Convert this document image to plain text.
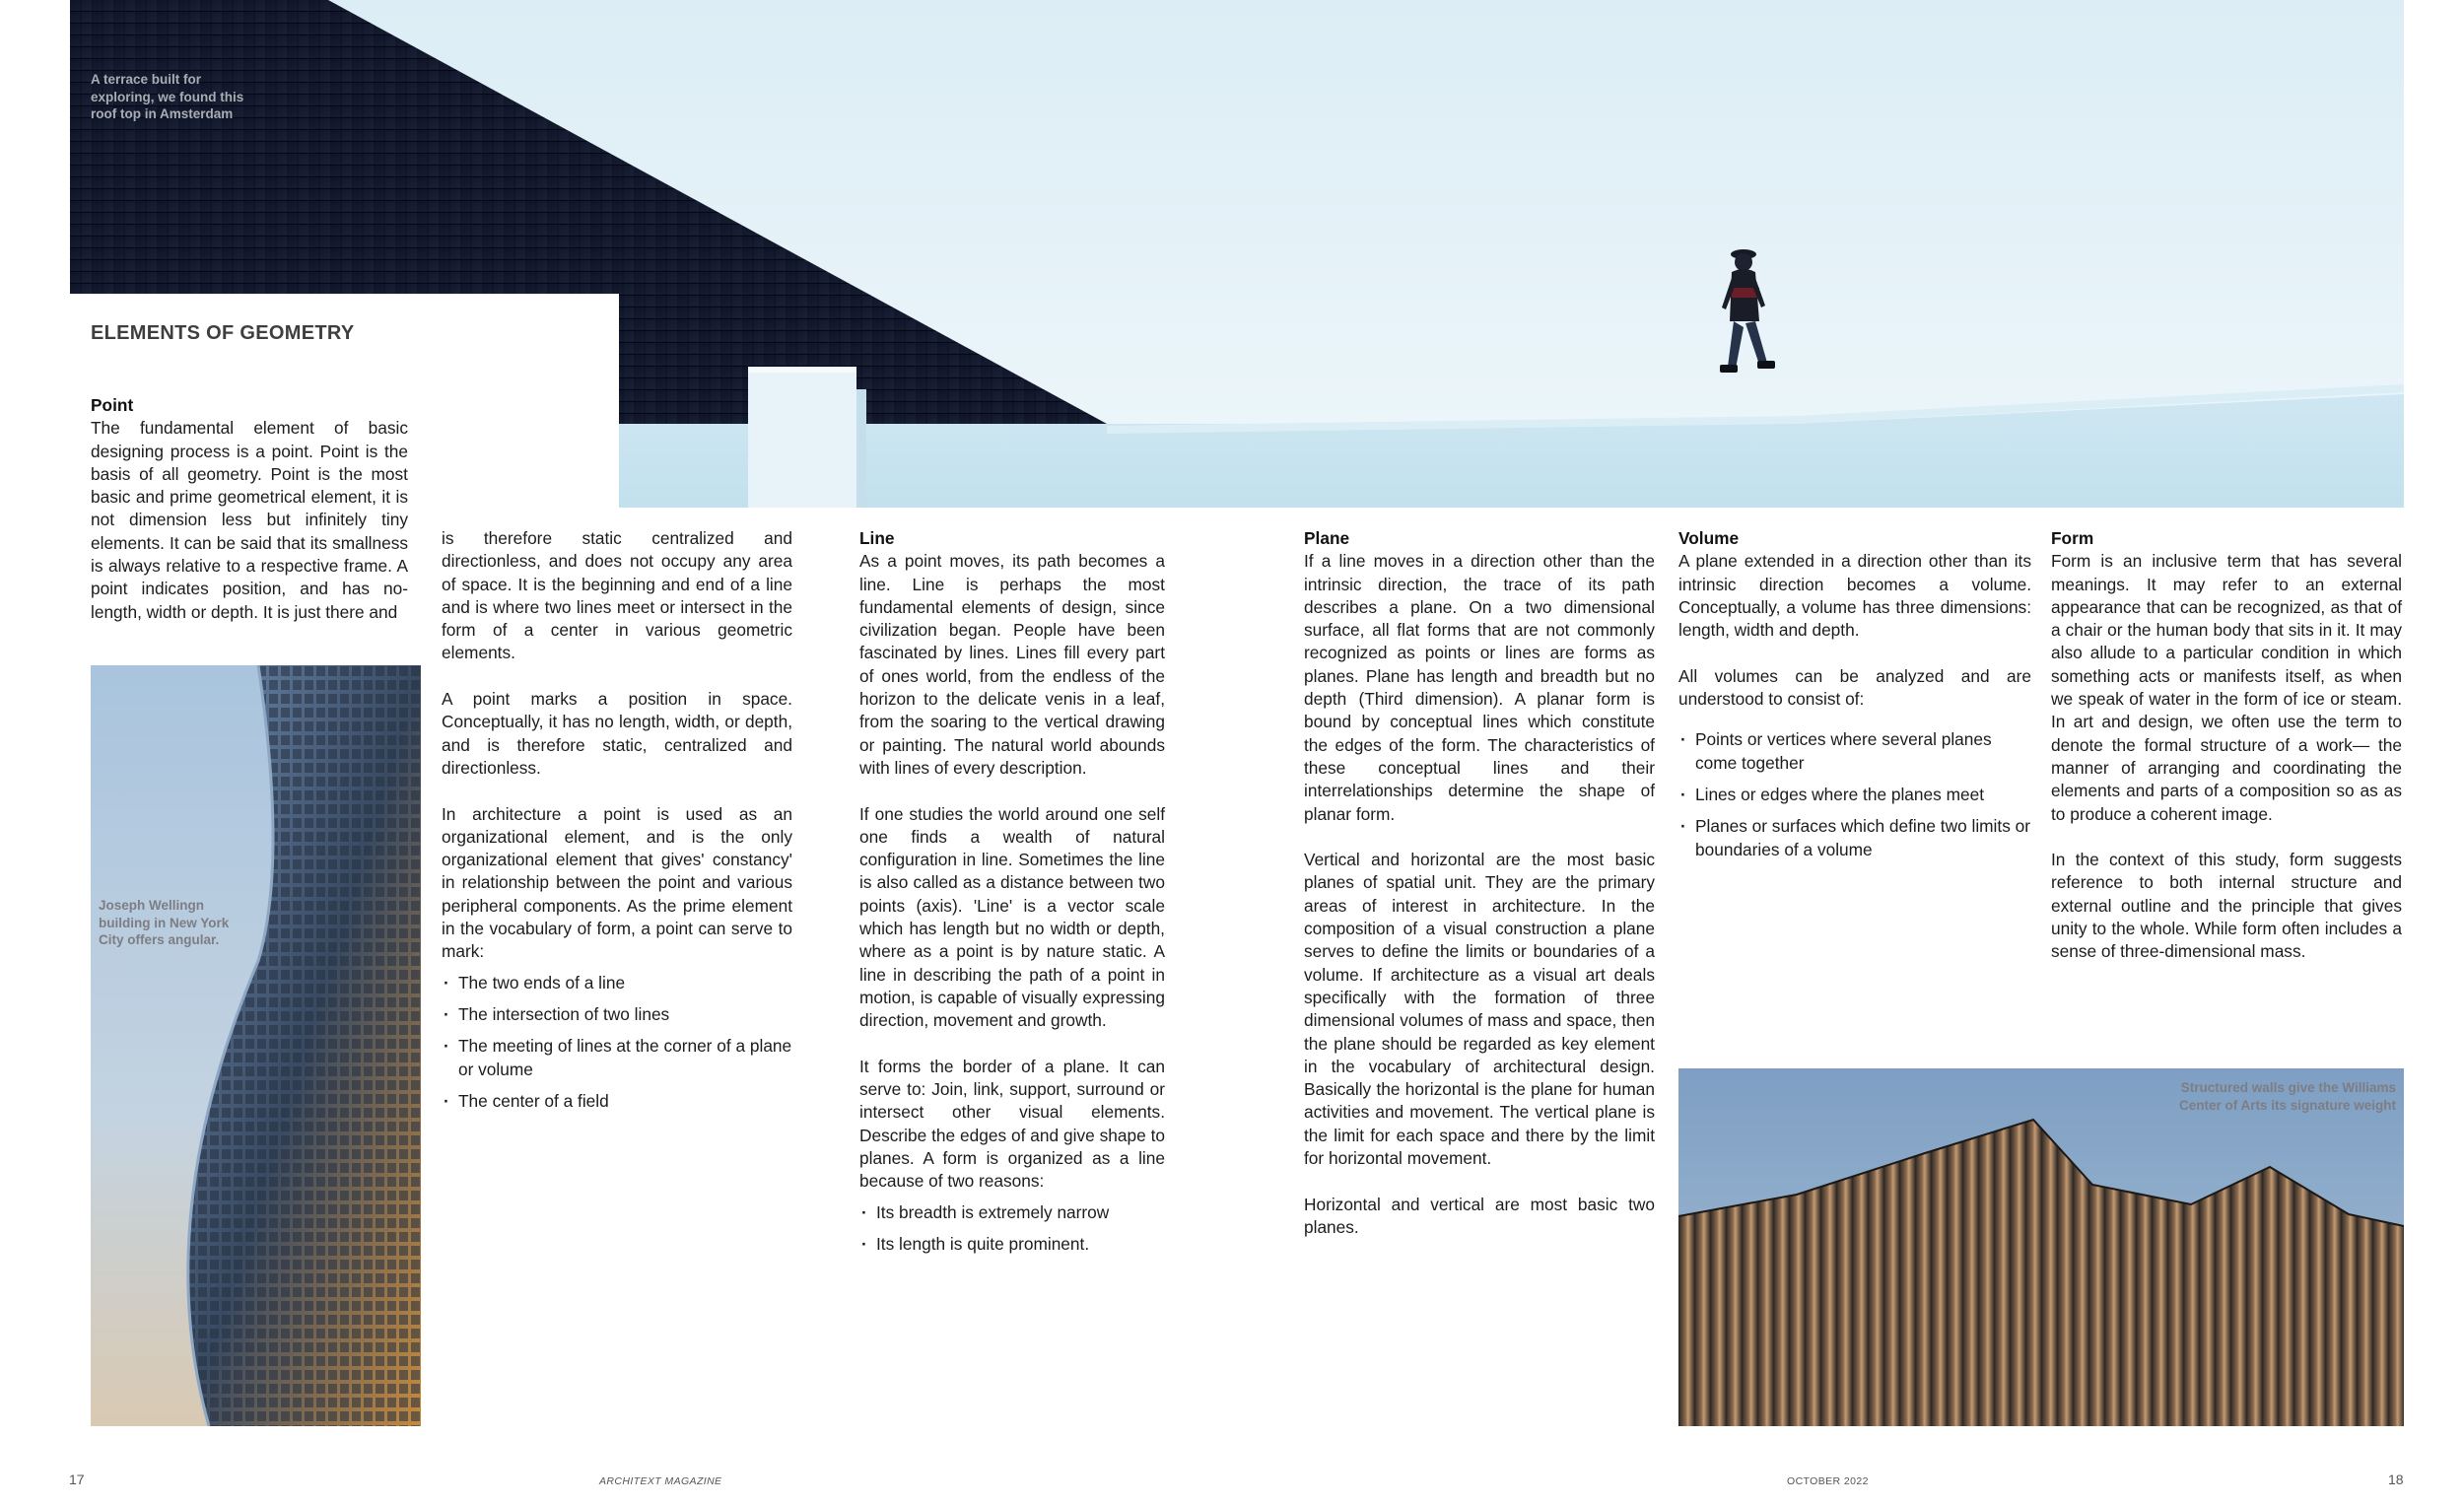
A terrace built for exploring, we found this roof top in Amsterdam
ELEMENTS OF GEOMETRY
Point

The fundamental element of basic designing process is a point. Point is the basis of all geometry. Point is the most basic and prime geometrical element, it is not dimension less but infinitely tiny elements. It can be said that its smallness is always relative to a respective frame. A point indicates position, and has no-length, width or depth. It is just there and

Joseph Wellingn building in New York City offers angular.

is therefore static centralized and directionless, and does not occupy any area of space. It is the beginning and end of a line and is where two lines meet or intersect in the form of a center in various geometric elements.

A point marks a position in space. Conceptually, it has no length, width, or depth, and is therefore static, centralized and directionless.

In architecture a point is used as an organizational element, and is the only organizational element that gives' constancy' in relationship between the point and various peripheral components. As the prime element in the vocabulary of form, a point can serve to mark:

· The two ends of a line
· The intersection of two lines
· The meeting of lines at the corner of a plane or volume
· The center of a field
Line

As a point moves, its path becomes a line. Line is perhaps the most fundamental elements of design, since civilization began. People have been fascinated by lines. Lines fill every part of ones world, from the endless of the horizon to the delicate venis in a leaf, from the soaring to the vertical drawing or painting. The natural world abounds with lines of every description.

If one studies the world around one self one finds a wealth of natural configuration in line. Sometimes the line is also called as a distance between two points (axis). 'Line' is a vector scale which has length but no width or depth, where as a point is by nature static. A line in describing the path of a point in motion, is capable of visually expressing direction, movement and growth.

It forms the border of a plane. It can serve to: Join, link, support, surround or intersect other visual elements. Describe the edges of and give shape to planes. A form is organized as a line because of two reasons:

· Its breadth is extremely narrow
· Its length is quite prominent.
Plane

If a line moves in a direction other than the intrinsic direction, the trace of its path describes a plane. On a two dimensional surface, all flat forms that are not commonly recognized as points or lines are forms as planes. Plane has length and breadth but no depth (Third dimension). A planar form is bound by conceptual lines which constitute the edges of the form. The characteristics of these conceptual lines and their interrelationships determine the shape of planar form.

Vertical and horizontal are the most basic planes of spatial unit. They are the primary areas of interest in architecture. In the composition of a visual construction a plane serves to define the limits or boundaries of a volume. If architecture as a visual art deals specifically with the formation of three dimensional volumes of mass and space, then the plane should be regarded as key element in the vocabulary of architectural design. Basically the horizontal is the plane for human activities and movement. The vertical plane is the limit for each space and there by the limit for horizontal movement.

Horizontal and vertical are most basic two planes.

Volume

A plane extended in a direction other than its intrinsic direction becomes a volume. Conceptually, a volume has three dimensions: length, width and depth.

All volumes can be analyzed and are understood to consist of:

· Points or vertices where several planes come together
· Lines or edges where the planes meet
· Planes or surfaces which define two limits or boundaries of a volume
Form

Form is an inclusive term that has several meanings. It may refer to an external appearance that can be recognized, as that of a chair or the human body that sits in it. It may also allude to a particular condition in which something acts or manifests itself, as when we speak of water in the form of ice or steam. In art and design, we often use the term to denote the formal structure of a work— the manner of arranging and coordinating the elements and parts of a composition so as as to produce a coherent image.

In the context of this study, form suggests reference to both internal structure and external outline and the principle that gives unity to the whole. While form often includes a sense of three-dimensional mass.

Structured walls give the Williams Center of Arts its signature weight
17	ARCHITEXT MAGAZINE	OCTOBER 2022	18
